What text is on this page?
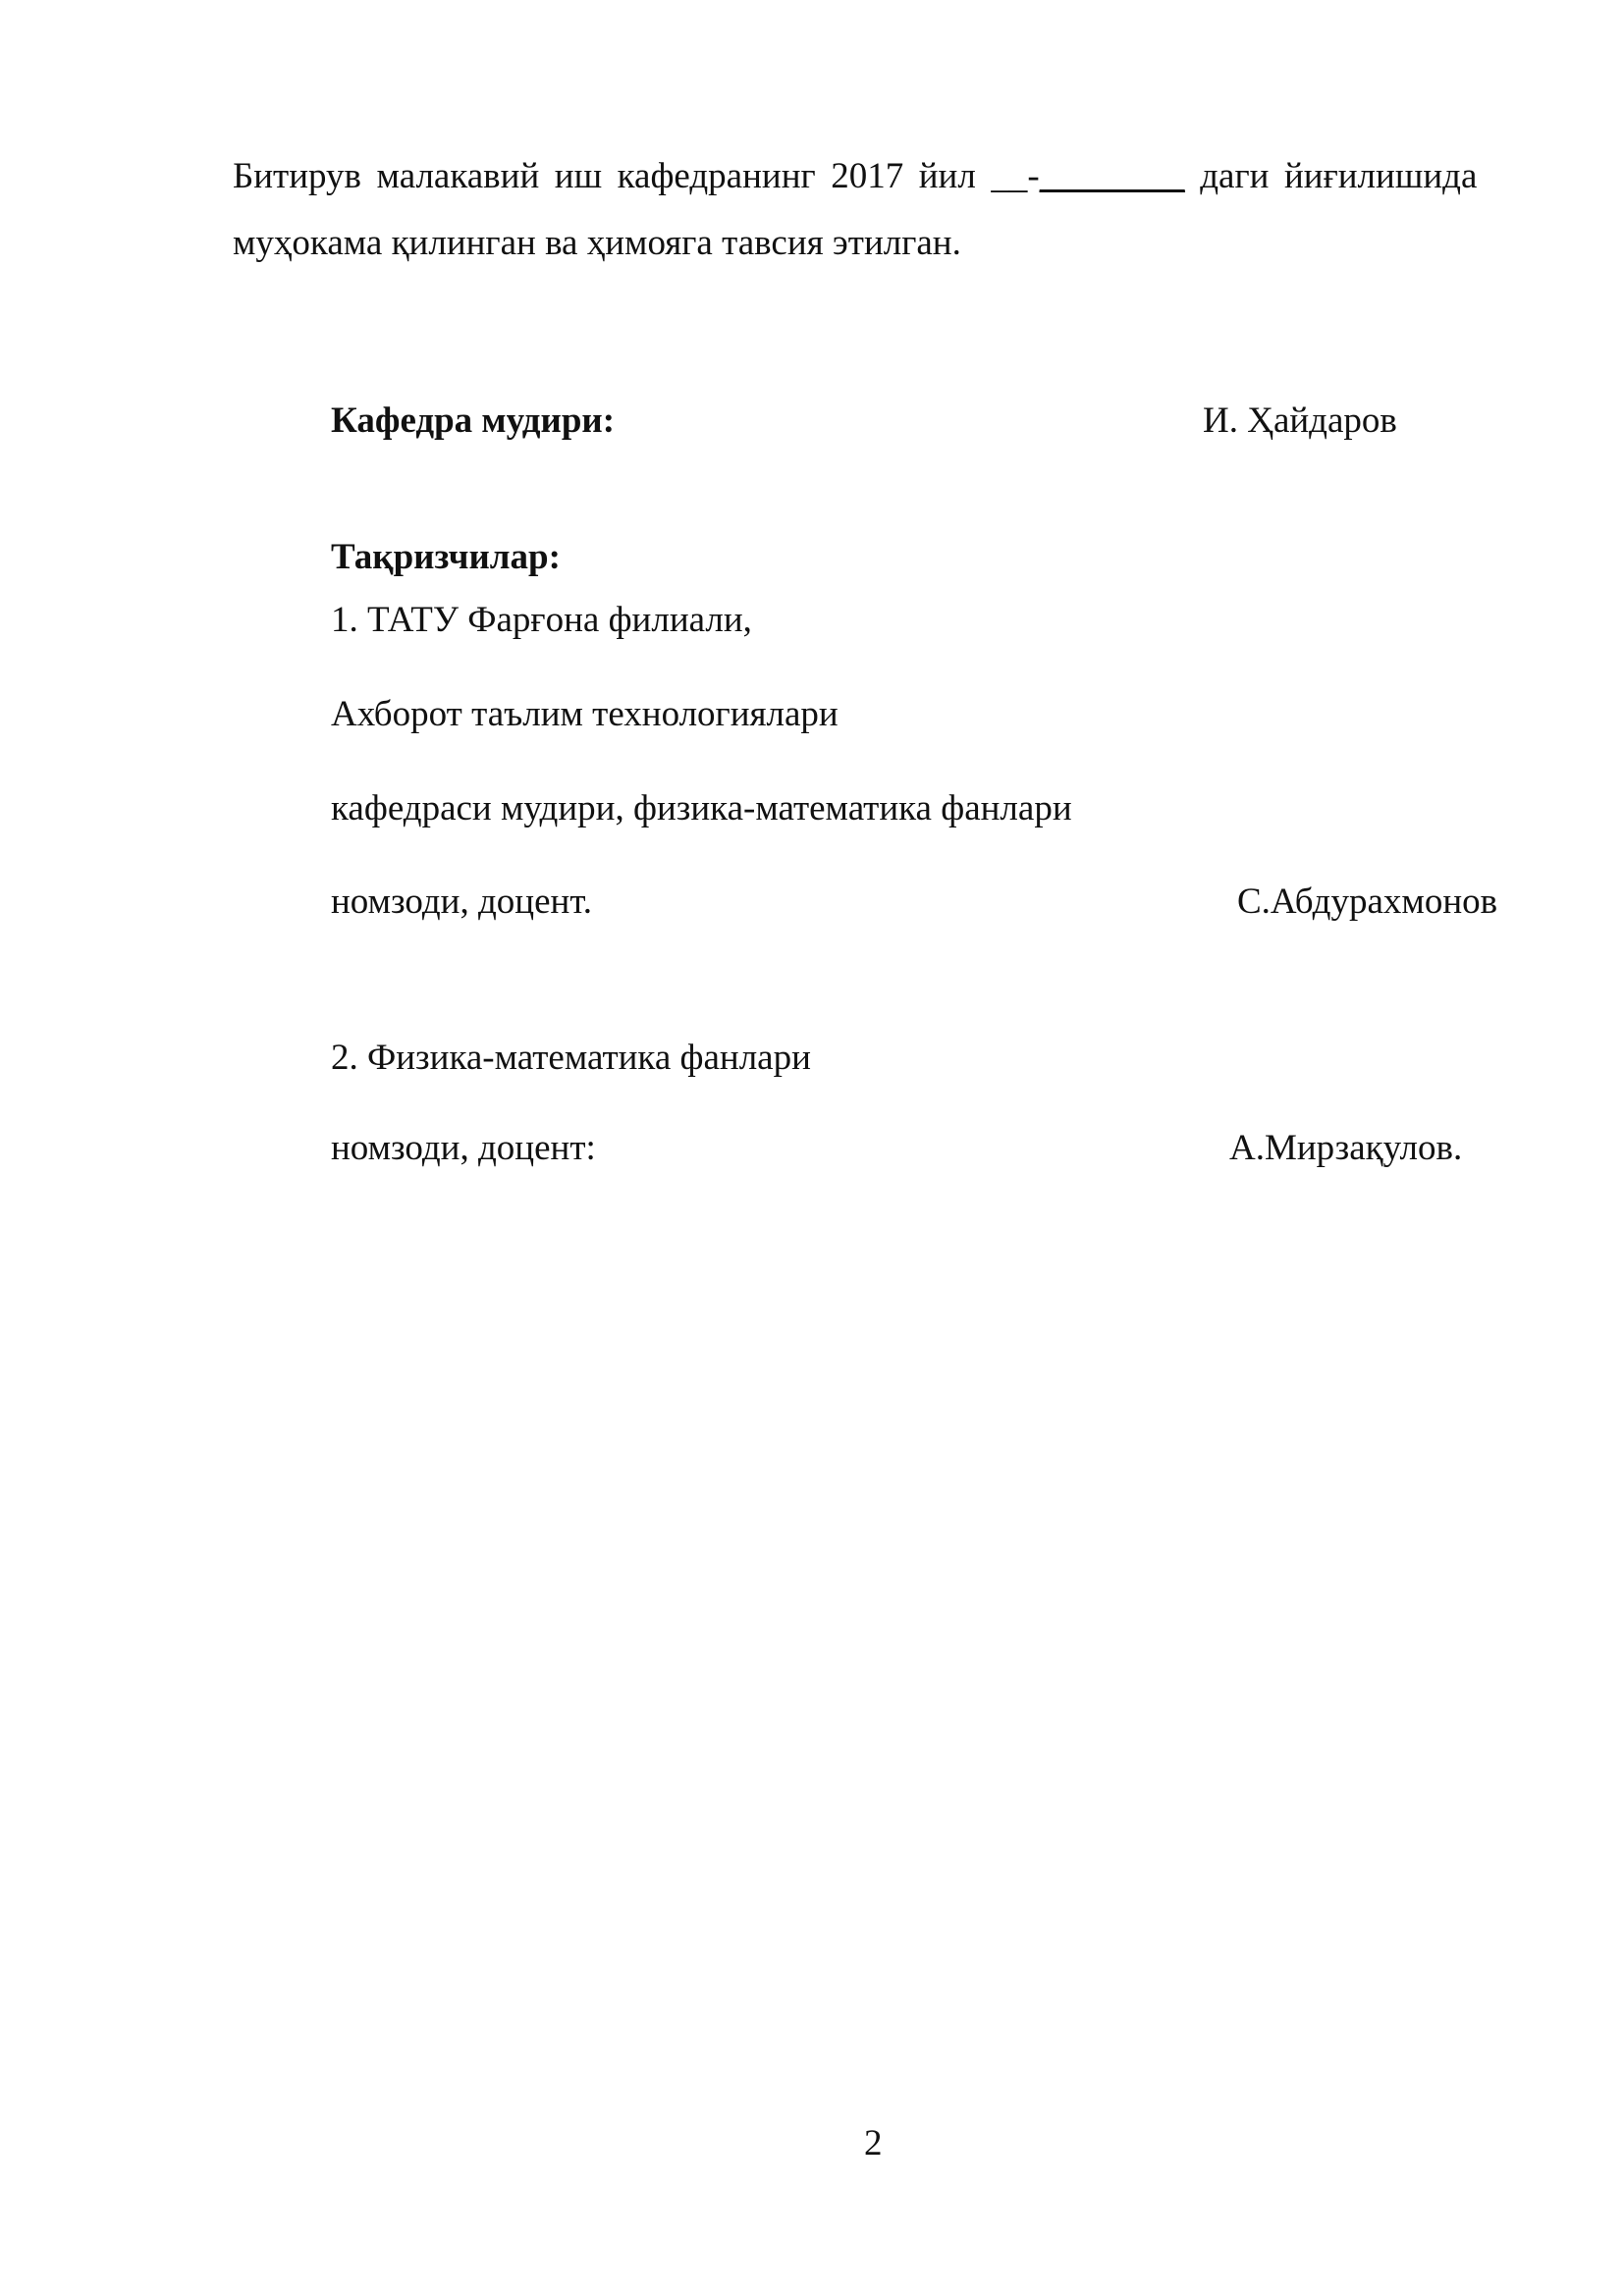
Битирув малакавий иш кафедранинг 2017 йил __-________ даги йиғилишида
муҳокама қилинган ва ҳимояга тавсия этилган.
Кафедра мудири:	И. Ҳайдаров
Тақризчилар:
1. ТАТУ Фарғона филиали,
Ахборот таълим технологиялари
кафедраси мудири, физика-математика фанлари
номзоди, доцент.	С.Абдурахмонов
2. Физика-математика фанлари
номзоди, доцент:	А.Мирзақулов.
2
